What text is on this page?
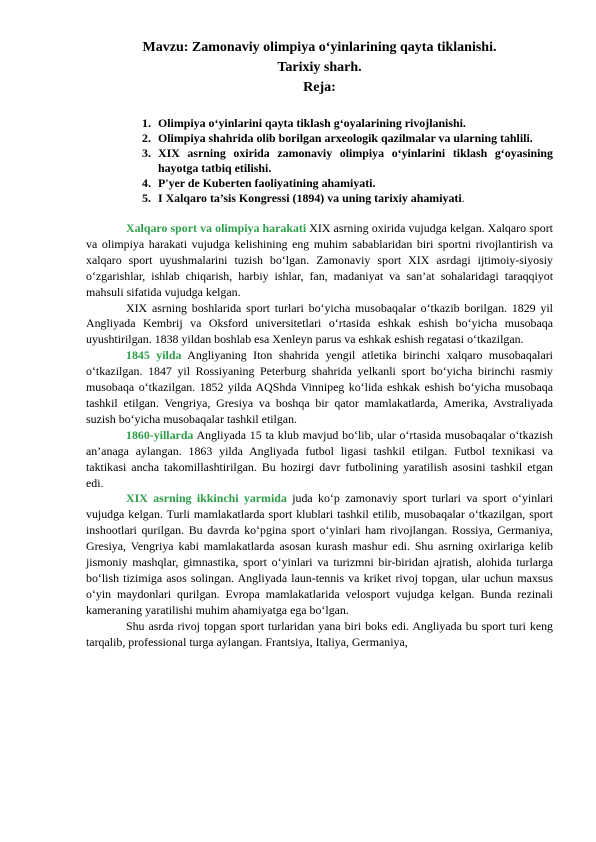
Mavzu: Zamonaviy olimpiya o‘yinlarining qayta tiklanishi.
Tarixiy sharh.
Reja:
1. Olimpiya o‘yinlarini qayta tiklash g‘oyalarining rivojlanishi.
2. Olimpiya shahrida olib borilgan arxeologik qazilmalar va ularning tahlili.
3. XIX asrning oxirida zamonaviy olimpiya o‘yinlarini tiklash g‘oyasining hayotga tatbiq etilishi.
4. P'yer de Kuberten faoliyatining ahamiyati.
5. I Xalqaro ta’sis Kongressi (1894) va uning tarixiy ahamiyati.

Xalqaro sport va olimpiya harakati XIX asrning oxirida vujudga kelgan. Xalqaro sport va olimpiya harakati vujudga kelishining eng muhim sabablaridan biri sportni rivojlantirish va xalqaro sport uyushmalarini tuzish bo‘lgan. Zamonaviy sport XIX asrdagi ijtimoiy-siyosiy o‘zgarishlar, ishlab chiqarish, harbiy ishlar, fan, madaniyat va san’at sohalaridagi taraqqiyot mahsuli sifatida vujudga kelgan.

XIX asrning boshlarida sport turlari bo‘yicha musobaqalar o‘tkazib borilgan. 1829 yil Angliyada Kembrij va Oksford universitetlari o‘rtasida eshkak eshish bo‘yicha musobaqa uyushtirilgan. 1838 yildan boshlab esa Xenleyn parus va eshkak eshish regatasi o‘tkazilgan.

1845 yilda Angliyaning Iton shahrida yengil atletika birinchi xalqaro musobaqalari o‘tkazilgan. 1847 yil Rossiyaning Peterburg shahrida yelkanli sport bo‘yicha birinchi rasmiy musobaqa o‘tkazilgan. 1852 yilda AQShda Vinnipeg ko‘lida eshkak eshish bo‘yicha musobaqa tashkil etilgan. Vengriya, Gresiya va boshqa bir qator mamlakatlarda, Amerika, Avstraliyada suzish bo‘yicha musobaqalar tashkil etilgan.

1860-yillarda Angliyada 15 ta klub mavjud bo‘lib, ular o‘rtasida musobaqalar o‘tkazish an’anaga aylangan. 1863 yilda Angliyada futbol ligasi tashkil etilgan. Futbol texnikasi va taktikasi ancha takomillashtirilgan. Bu hozirgi davr futbolining yaratilish asosini tashkil etgan edi.

XIX asrning ikkinchi yarmida juda ko‘p zamonaviy sport turlari va sport o‘yinlari vujudga kelgan. Turli mamlakatlarda sport klublari tashkil etilib, musobaqalar o‘tkazilgan, sport inshootlari qurilgan. Bu davrda ko‘pgina sport o‘yinlari ham rivojlangan. Rossiya, Germaniya, Gresiya, Vengriya kabi mamlakatlarda asosan kurash mashur edi. Shu asrning oxirlariga kelib jismoniy mashqlar, gimnastika, sport o‘yinlari va turizmni bir-biridan ajratish, alohida turlarga bo‘lish tizimiga asos solingan. Angliyada laun-tennis va kriket rivoj topgan, ular uchun maxsus o‘yin maydonlari qurilgan. Evropa mamlakatlarida velosport vujudga kelgan. Bunda rezinali kameraning yaratilishi muhim ahamiyatga ega bo‘lgan.

Shu asrda rivoj topgan sport turlaridan yana biri boks edi. Angliyada bu sport turi keng tarqalib, professional turga aylangan. Frantsiya, Italiya, Germaniya,
